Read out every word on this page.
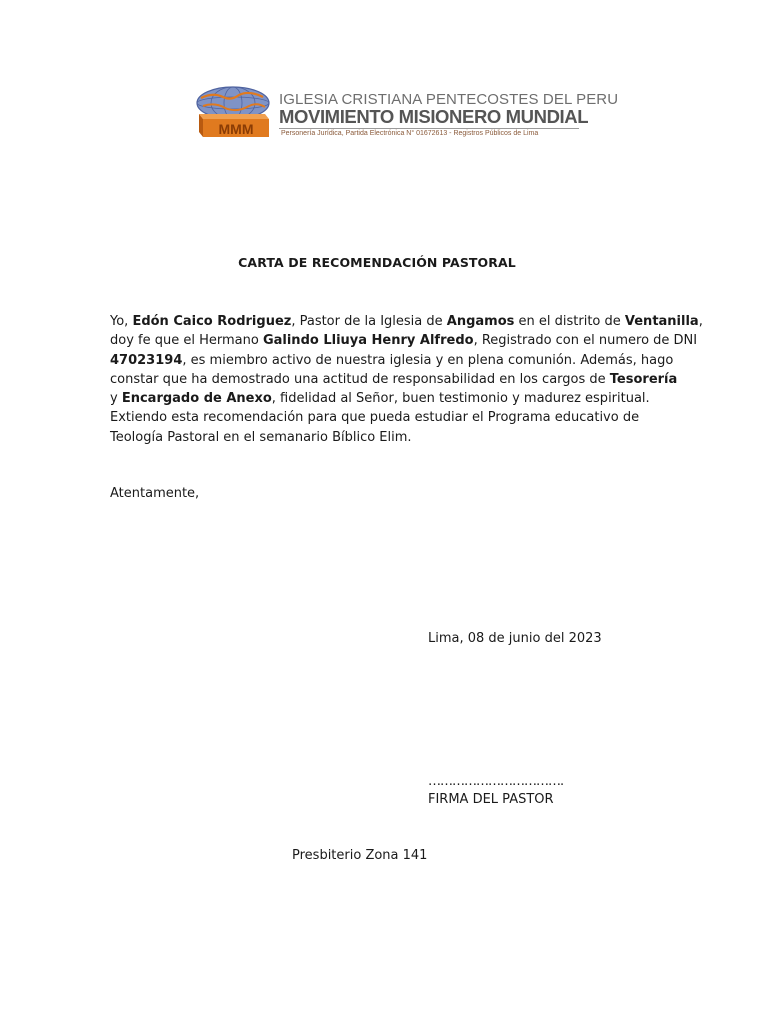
MMM
IGLESIA CRISTIANA PENTECOSTES DEL PERU
MOVIMIENTO MISIONERO MUNDIAL
Personería Jurídica, Partida Electrónica N° 01672613 - Registros Públicos de Lima
CARTA DE RECOMENDACIÓN PASTORAL
Yo, Edón Caico Rodriguez, Pastor de la Iglesia de Angamos en el distrito de Ventanilla,
doy fe que el Hermano Galindo Lliuya Henry Alfredo, Registrado con el numero de DNI
47023194, es miembro activo de nuestra iglesia y en plena comunión. Además, hago
constar que ha demostrado una actitud de responsabilidad en los cargos de Tesorería
y Encargado de Anexo, fidelidad al Señor, buen testimonio y madurez espiritual.
Extiendo esta recomendación para que pueda estudiar el Programa educativo de
Teología Pastoral en el semanario Bíblico Elim.
Atentamente,
Lima, 08 de junio del 2023
…………………………….
FIRMA DEL PASTOR
Presbiterio Zona 141
